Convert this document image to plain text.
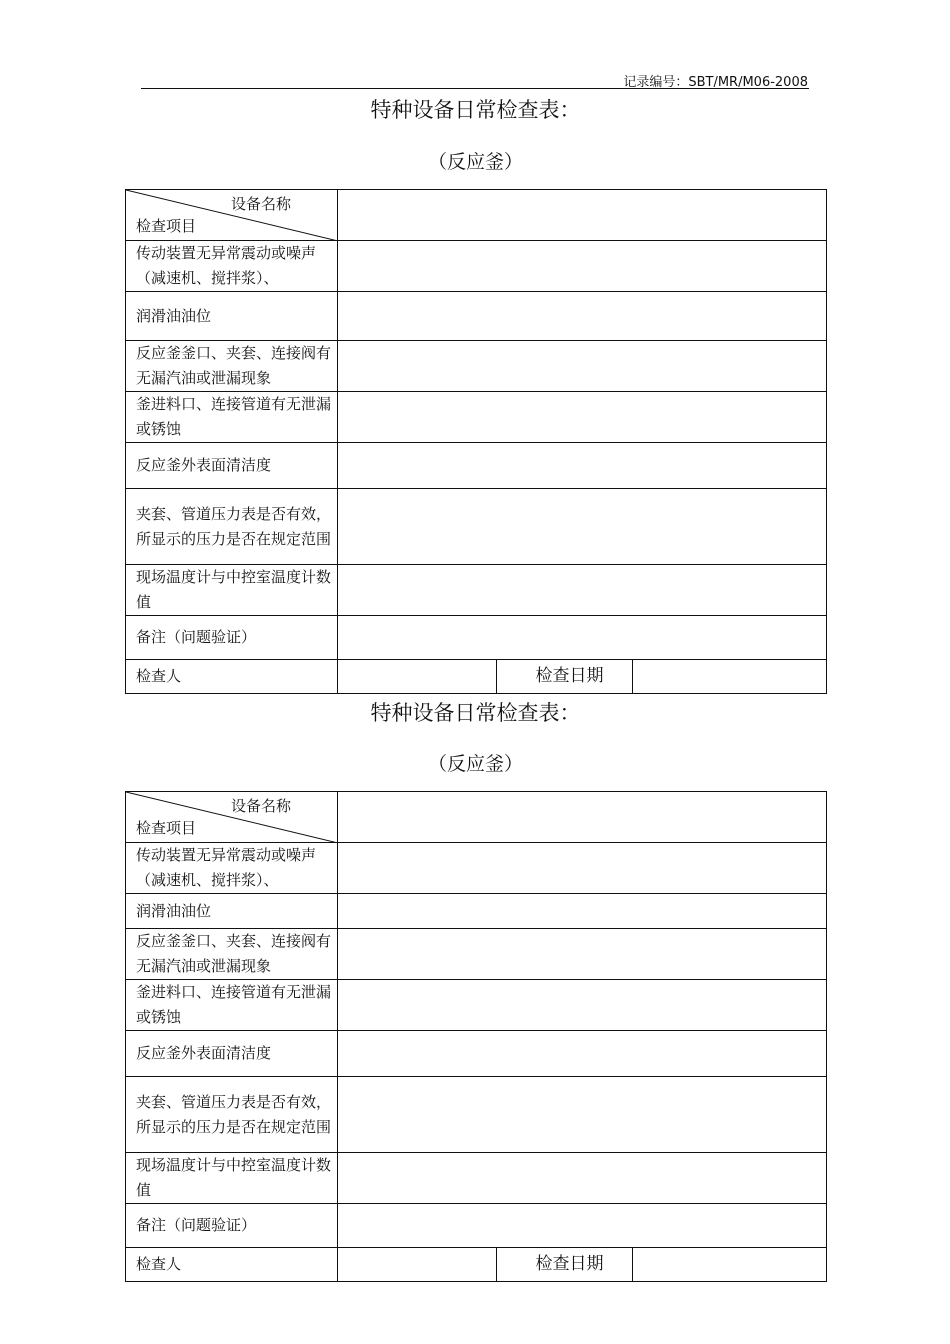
记录编号：SBT/MR/M06-2008
特种设备日常检查表：
（反应釜）
设备名称
检查项目			

传动装置无异常震动或噪声（减速机、搅拌浆）、			
润滑油油位			
反应釜釜口、夹套、连接阀有无漏汽油或泄漏现象			
釜进料口、连接管道有无泄漏或锈蚀			
反应釜外表面清洁度			
夹套、管道压力表是否有效，所显示的压力是否在规定范围			
现场温度计与中控室温度计数值			
备注（问题验证）			
检查人		检查日期	
特种设备日常检查表：
（反应釜）
设备名称
检查项目			

传动装置无异常震动或噪声（减速机、搅拌浆）、			
润滑油油位			
反应釜釜口、夹套、连接阀有无漏汽油或泄漏现象			
釜进料口、连接管道有无泄漏或锈蚀			
反应釜外表面清洁度			
夹套、管道压力表是否有效，所显示的压力是否在规定范围			
现场温度计与中控室温度计数值			
备注（问题验证）			
检查人		检查日期	
